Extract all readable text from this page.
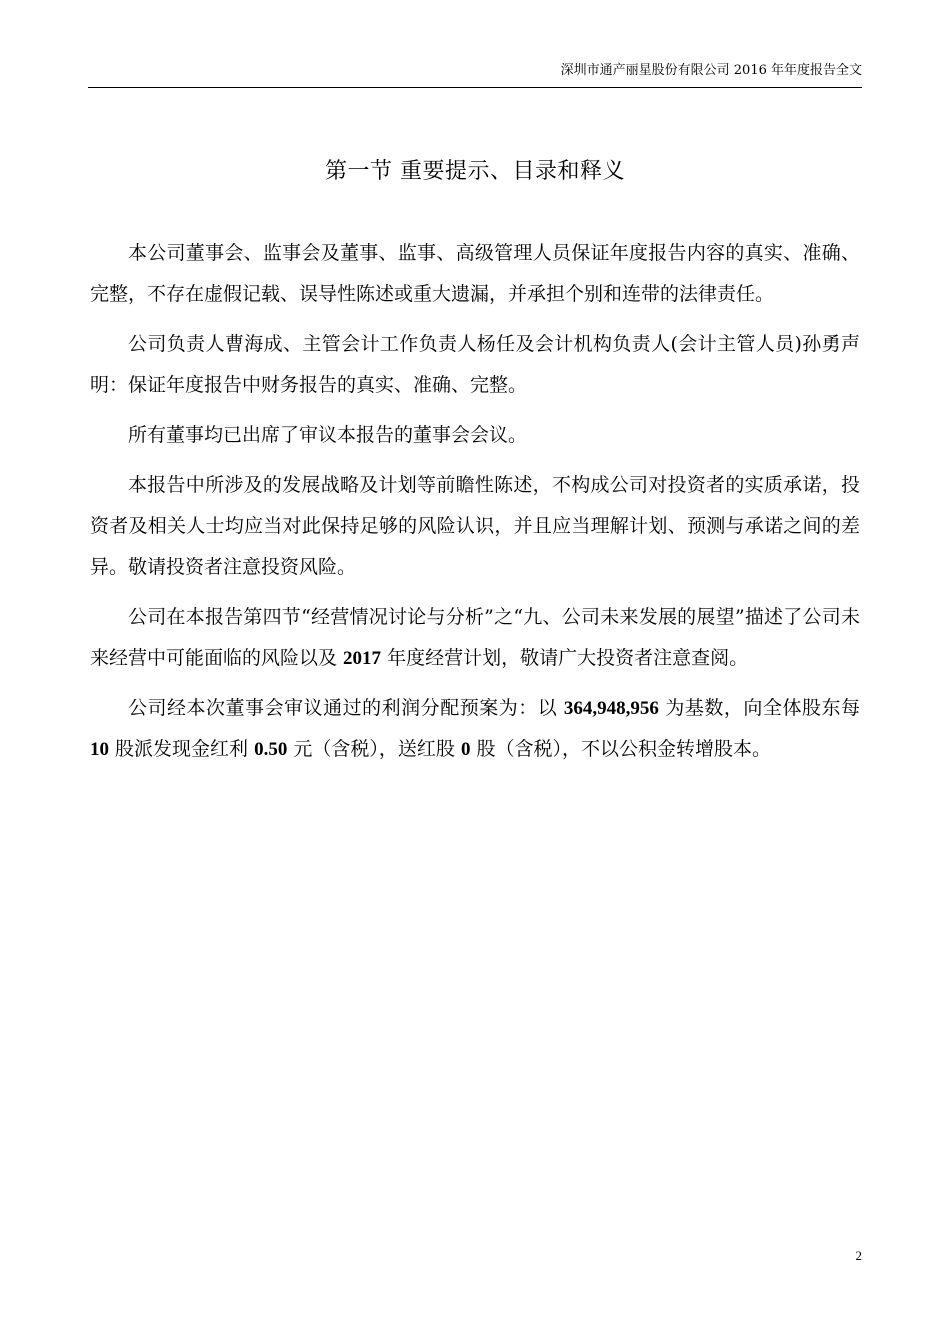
深圳市通产丽星股份有限公司 2016 年年度报告全文
第一节 重要提示、目录和释义

本公司董事会、监事会及董事、监事、高级管理人员保证年度报告内容的真实、准确、完整，不存在虚假记载、误导性陈述或重大遗漏，并承担个别和连带的法律责任。

公司负责人曹海成、主管会计工作负责人杨任及会计机构负责人(会计主管人员)孙勇声明：保证年度报告中财务报告的真实、准确、完整。

所有董事均已出席了审议本报告的董事会会议。

本报告中所涉及的发展战略及计划等前瞻性陈述，不构成公司对投资者的实质承诺，投资者及相关人士均应当对此保持足够的风险认识，并且应当理解计划、预测与承诺之间的差异。敬请投资者注意投资风险。

公司在本报告第四节“经营情况讨论与分析”之“九、公司未来发展的展望”描述了公司未来经营中可能面临的风险以及 2017 年度经营计划，敬请广大投资者注意查阅。

公司经本次董事会审议通过的利润分配预案为：以 364,948,956 为基数，向全体股东每 10 股派发现金红利 0.50 元（含税），送红股 0 股（含税），不以公积金转增股本。

2
